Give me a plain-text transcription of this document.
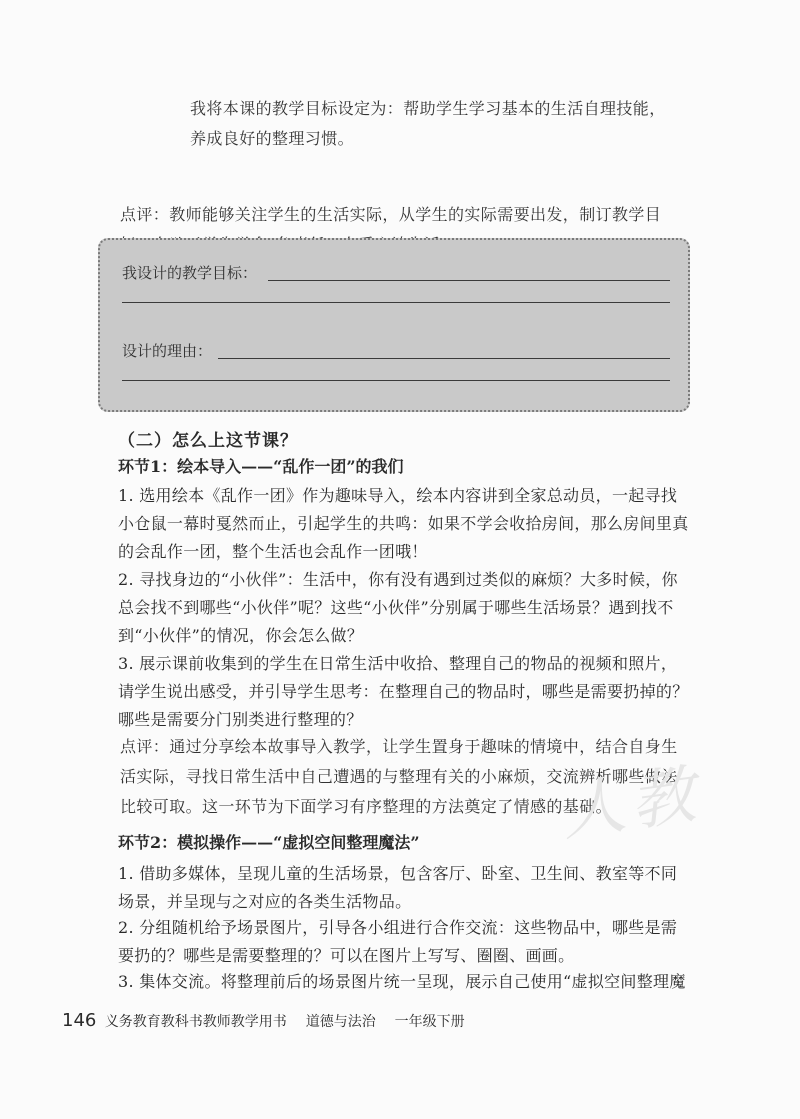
我将本课的教学目标设定为：帮助学生学习基本的生活自理技能，养成良好的整理习惯。
点评：教师能够关注学生的生活实际，从学生的实际需要出发，制订教学目
我设计的教学目标：
设计的理由：
（二）怎么上这节课？
环节1：绘本导入——“乱作一团”的我们
1. 选用绘本《乱作一团》作为趣味导入，绘本内容讲到全家总动员，一起寻找小仓鼠一幕时戛然而止，引起学生的共鸣：如果不学会收拾房间，那么房间里真的会乱作一团，整个生活也会乱作一团哦！
2. 寻找身边的“小伙伴”：生活中，你有没有遇到过类似的麻烦？大多时候，你总会找不到哪些“小伙伴”呢？这些“小伙伴”分别属于哪些生活场景？遇到找不到“小伙伴”的情况，你会怎么做？
3. 展示课前收集到的学生在日常生活中收拾、整理自己的物品的视频和照片，请学生说出感受，并引导学生思考：在整理自己的物品时，哪些是需要扔掉的？哪些是需要分门别类进行整理的？
点评：通过分享绘本故事导入教学，让学生置身于趣味的情境中，结合自身生活实际，寻找日常生活中自己遭遇的与整理有关的小麻烦，交流辨析哪些做法比较可取。这一环节为下面学习有序整理的方法奠定了情感的基础。
人教
环节2：模拟操作——“虚拟空间整理魔法”
1. 借助多媒体，呈现儿童的生活场景，包含客厅、卧室、卫生间、教室等不同场景，并呈现与之对应的各类生活物品。
2. 分组随机给予场景图片，引导各小组进行合作交流：这些物品中，哪些是需要扔的？哪些是需要整理的？可以在图片上写写、圈圈、画画。
3. 集体交流。将整理前后的场景图片统一呈现，展示自己使用“虚拟空间整理魔
146 义务教育教科书教师教学用书 道德与法治 一年级下册
